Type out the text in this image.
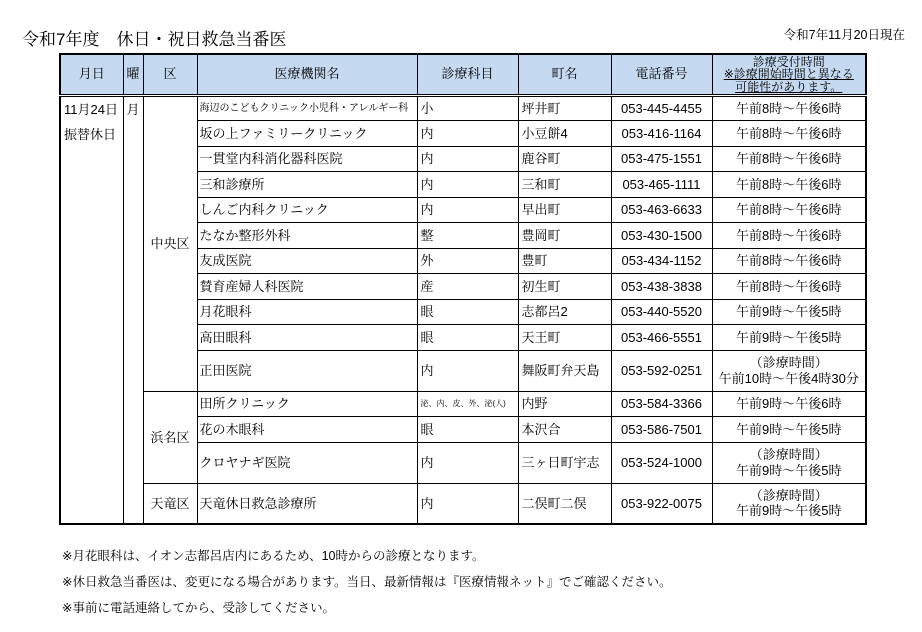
令和7年度　休日・祝日救急当番医	令和7年11月20日現在
月日	曜	区	医療機関名	診療科目	町名	電話番号	診療受付時間
※診療開始時間と異なる
可能性があります。

11月24日
振替休日	月	中央区	海辺のこどもクリニック小児科・アレルギー科	小	坪井町	053-445-4455	午前8時～午後6時

			坂の上ファミリークリニック	内	小豆餅4	053-416-1164	午前8時～午後6時

			一貫堂内科消化器科医院	内	鹿谷町	053-475-1551	午前8時～午後6時

			三和診療所	内	三和町	053-465-1111	午前8時～午後6時

			しんご内科クリニック	内	早出町	053-463-6633	午前8時～午後6時

			たなか整形外科	整	豊岡町	053-430-1500	午前8時～午後6時

			友成医院	外	豊町	053-434-1152	午前8時～午後6時

			賛育産婦人科医院	産	初生町	053-438-3838	午前8時～午後6時

			月花眼科	眼	志都呂2	053-440-5520	午前9時～午後5時

			高田眼科	眼	天王町	053-466-5551	午前9時～午後5時

			正田医院	内	舞阪町弁天島	053-592-0251	（診療時間）
午前10時～午後4時30分

		浜名区	田所クリニック	泌、内、皮、外、泌(人)	内野	053-584-3366	午前9時～午後6時

			花の木眼科	眼	本沢合	053-586-7501	午前9時～午後5時

			クロヤナギ医院	内	三ヶ日町宇志	053-524-1000	（診療時間）
午前9時～午後5時

		天竜区	天竜休日救急診療所	内	二俣町二俣	053-922-0075	（診療時間）
午前9時～午後5時
※月花眼科は、イオン志都呂店内にあるため、10時からの診療となります。
※休日救急当番医は、変更になる場合があります。当日、最新情報は『医療情報ネット』でご確認ください。
※事前に電話連絡してから、受診してください。
